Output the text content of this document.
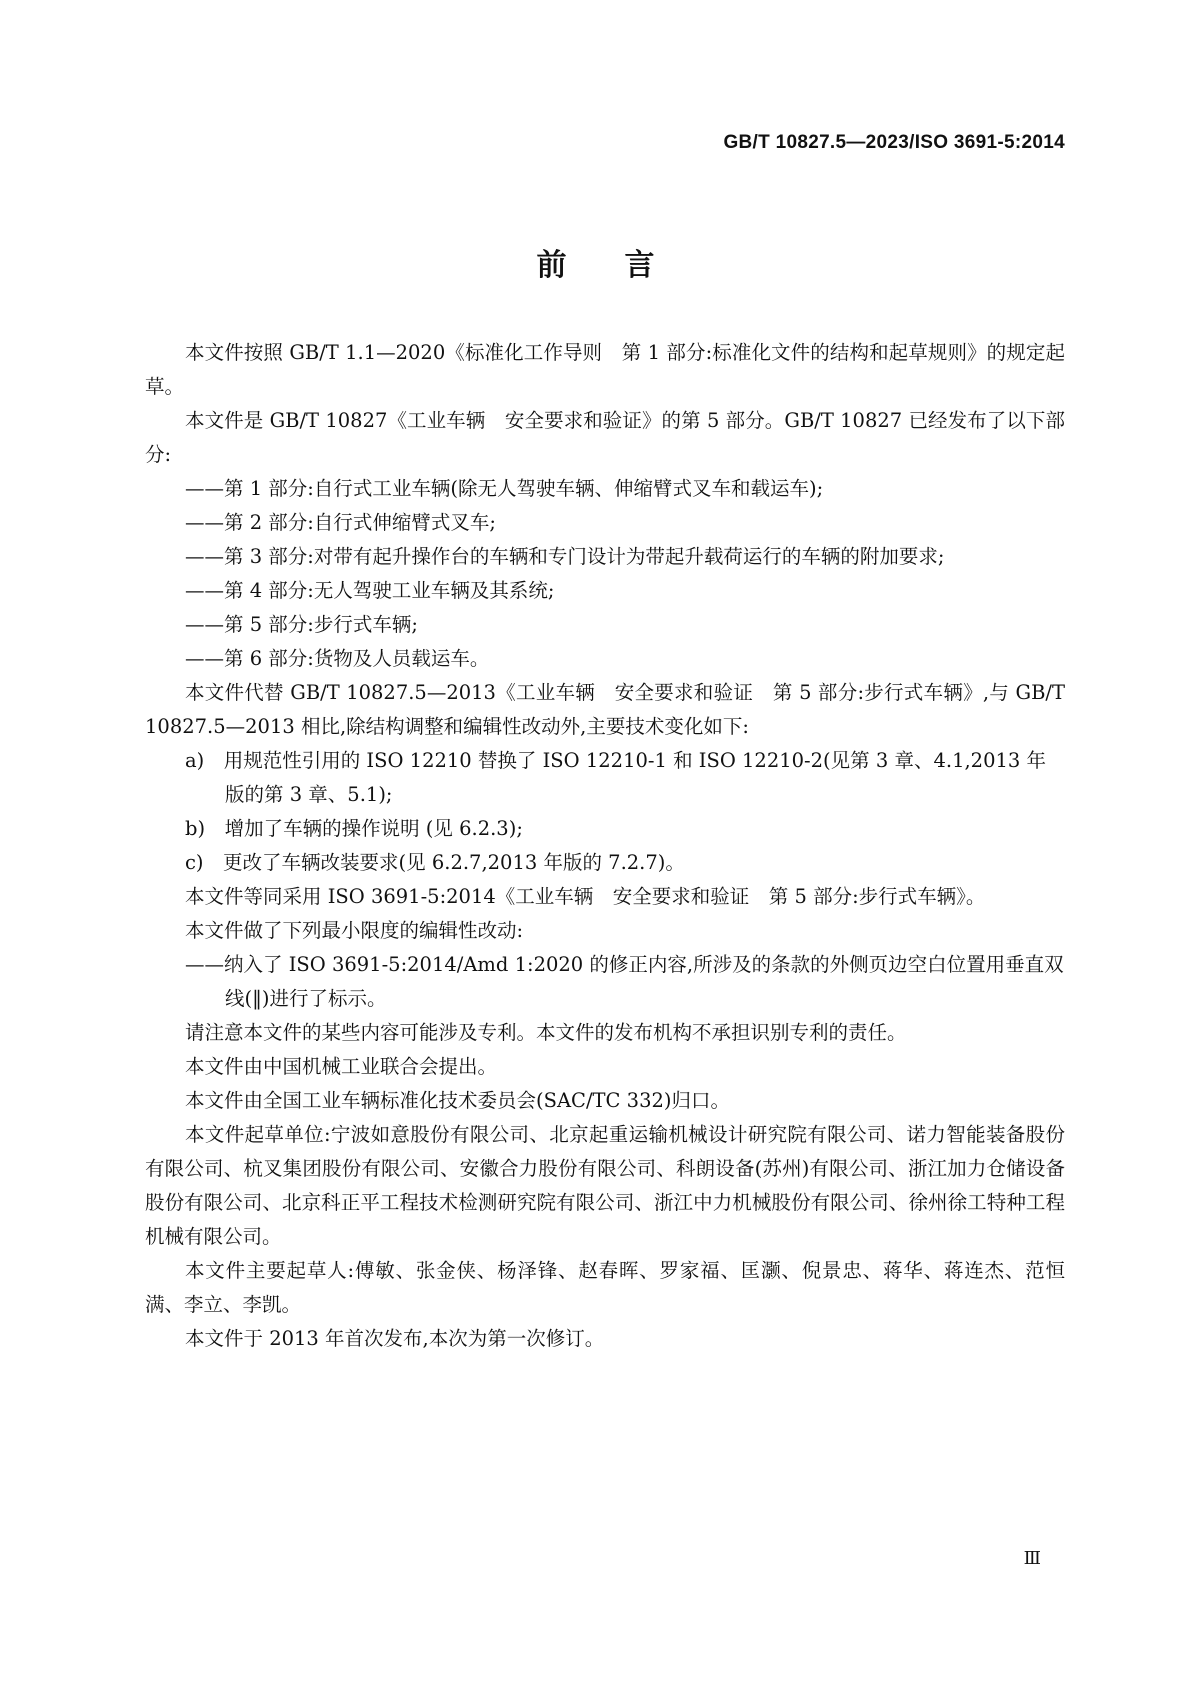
GB/T 10827.5—2023/ISO 3691-5:2014
前言

本文件按照 GB/T 1.1—2020《标准化工作导则　第 1 部分:标准化文件的结构和起草规则》的规定起草。

本文件是 GB/T 10827《工业车辆　安全要求和验证》的第 5 部分。GB/T 10827 已经发布了以下部分:

——第 1 部分:自行式工业车辆(除无人驾驶车辆、伸缩臂式叉车和载运车);

——第 2 部分:自行式伸缩臂式叉车;

——第 3 部分:对带有起升操作台的车辆和专门设计为带起升载荷运行的车辆的附加要求;

——第 4 部分:无人驾驶工业车辆及其系统;

——第 5 部分:步行式车辆;

——第 6 部分:货物及人员载运车。

本文件代替 GB/T 10827.5—2013《工业车辆　安全要求和验证　第 5 部分:步行式车辆》,与 GB/T 10827.5—2013 相比,除结构调整和编辑性改动外,主要技术变化如下:

a)　用规范性引用的 ISO 12210 替换了 ISO 12210-1 和 ISO 12210-2(见第 3 章、4.1,2013 年版的第 3 章、5.1);

b)　增加了车辆的操作说明 (见 6.2.3);

c)　更改了车辆改装要求(见 6.2.7,2013 年版的 7.2.7)。

本文件等同采用 ISO 3691-5:2014《工业车辆　安全要求和验证　第 5 部分:步行式车辆》。

本文件做了下列最小限度的编辑性改动:

——纳入了 ISO 3691-5:2014/Amd 1:2020 的修正内容,所涉及的条款的外侧页边空白位置用垂直双线(‖)进行了标示。

请注意本文件的某些内容可能涉及专利。本文件的发布机构不承担识别专利的责任。

本文件由中国机械工业联合会提出。

本文件由全国工业车辆标准化技术委员会(SAC/TC 332)归口。

本文件起草单位:宁波如意股份有限公司、北京起重运输机械设计研究院有限公司、诺力智能装备股份有限公司、杭叉集团股份有限公司、安徽合力股份有限公司、科朗设备(苏州)有限公司、浙江加力仓储设备股份有限公司、北京科正平工程技术检测研究院有限公司、浙江中力机械股份有限公司、徐州徐工特种工程机械有限公司。

本文件主要起草人:傅敏、张金侠、杨泽锋、赵春晖、罗家福、匡灏、倪景忠、蒋华、蒋连杰、范恒满、李立、李凯。

本文件于 2013 年首次发布,本次为第一次修订。

Ⅲ
